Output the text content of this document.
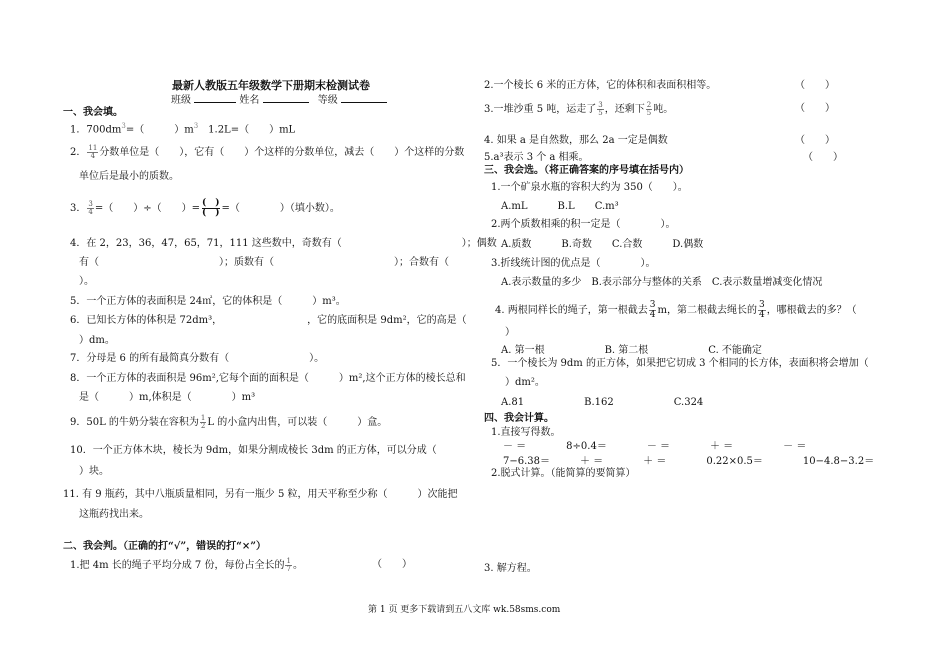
最新人教版五年级数学下册期末检测试卷
班级	姓名	等级
一、我会填。
1．$700dm^3=$（　　　）$m^3$　1.2L=（　　）mL
2． $\frac{11}{4}$ 分数单位是（　　），它有（　　）个这样的分数单位，减去（　　）个这样的分数
单位后是最小的质数。
3． $\frac{3}{4}$ =（　　）÷（　　）= (　)
(　) =（　　　　）（填小数）。
4．在 2，23，36，47，65，71，111 这些数中，奇数有（　　　　　　　　　　　　）；偶数
有（　　　　　　　　　　　　）；质数有（　　　　　　　　　　　　）；合数有（　　　　
）。
5．一个正方体的表面积是 24㎡，它的体积是（　　　）m³。
6．已知长方体的体积是 72dm³，　　　　　　　　　，它的底面积是 9dm²，它的高是（
）dm。
7．分母是 6 的所有最简真分数有（　　　　　　　　）。
8．一个正方体的表面积是 96m²,它每个面的面积是（　　　）m²,这个正方体的棱长总和
是（　　　）m,体积是（　　　　）m³
9．50L 的牛奶分装在容积为 $\frac{1}{2}$ L 的小盒内出售，可以装（　　　）盒。
10．一个正方体木块，棱长为 9dm，如果分割成棱长 3dm 的正方体，可以分成（
）块。
11. 有 9 瓶药，其中八瓶质量相同，另有一瓶少 5 粒，用天平称至少称（　　　）次能把
这瓶药找出来。
二、我会判。（正确的打“√”，错误的打“×”）
1.把 4m 长的绳子平均分成 7 份，每份占全长的 $\frac{1}{7}$ 。	（　　）
2.一个棱长 6 米的正方体，它的体积和表面积相等。	（　　）
3.一堆沙重 5 吨，运走了 $\frac{3}{5}$ ，还剩下 $\frac{2}{5}$ 吨。	（　　）
4. 如果 a 是自然数，那么 2a 一定是偶数	（　　）
5.a³表示 3 个 a 相乘。	（　　）
三、我会选。（将正确答案的序号填在括号内）
1.一个矿泉水瓶的容积大约为 350（　　）。
A.mL　　　B.L　　C.m³
2.两个质数相乘的积一定是（　　　　）。
A.质数　　　B.奇数　　C.合数　　　D.偶数
3.折线统计图的优点是（　　　　）。
A.表示数量的多少　B.表示部分与整体的关系　C.表示数量增减变化情况
4. 两根同样长的绳子，第一根截去 $\frac{3}{4}$ m，第二根截去绳长的 $\frac{3}{4}$ ，哪根截去的多？（
）
A. 第一根　　　　　　B. 第二根　　　　　　C. 不能确定
5．一个棱长为 9dm 的正方体，如果把它切成 3 个相同的长方体，表面积将会增加（
）dm²。
A.81　　　　　　B.162　　　　　　C.324
四、我会计算。
1.直接写得数。
－ ＝　　　　8÷0.4＝　　　　－ ＝　　　　＋ ＝　　　　　－ ＝
7−6.38＝　　　＋ ＝　　　　＋ ＝　　　　0.22×0.5＝　　　　10−4.8−3.2＝
2.脱式计算。（能简算的要简算）
3. 解方程。
第 1 页 更多下载请到五八文库 wk.58sms.com
